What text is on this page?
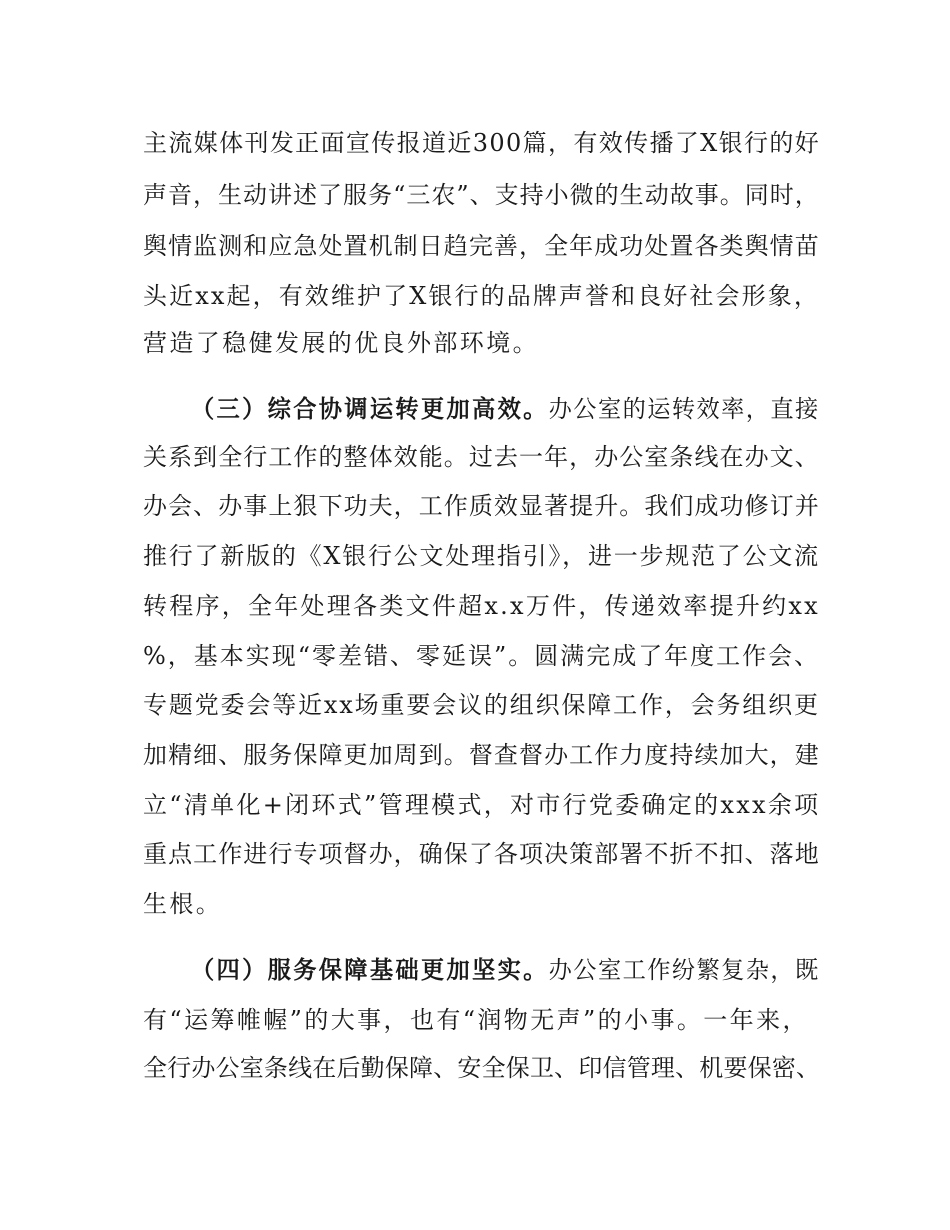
主流媒体刊发正面宣传报道近300篇，有效传播了X银行的好
声音，生动讲述了服务“三农”、支持小微的生动故事。同时，
舆情监测和应急处置机制日趋完善，全年成功处置各类舆情苗
头近xx起，有效维护了X银行的品牌声誉和良好社会形象，
营造了稳健发展的优良外部环境。
（三）综合协调运转更加高效。办公室的运转效率，直接
关系到全行工作的整体效能。过去一年，办公室条线在办文、
办会、办事上狠下功夫，工作质效显著提升。我们成功修订并
推行了新版的《X银行公文处理指引》，进一步规范了公文流
转程序，全年处理各类文件超x.x万件，传递效率提升约xx
%，基本实现“零差错、零延误”。圆满完成了年度工作会、
专题党委会等近xx场重要会议的组织保障工作，会务组织更
加精细、服务保障更加周到。督查督办工作力度持续加大，建
立“清单化+闭环式”管理模式，对市行党委确定的xxx余项
重点工作进行专项督办，确保了各项决策部署不折不扣、落地
生根。
（四）服务保障基础更加坚实。办公室工作纷繁复杂，既
有“运筹帷幄”的大事，也有“润物无声”的小事。一年来，
全行办公室条线在后勤保障、安全保卫、印信管理、机要保密、
